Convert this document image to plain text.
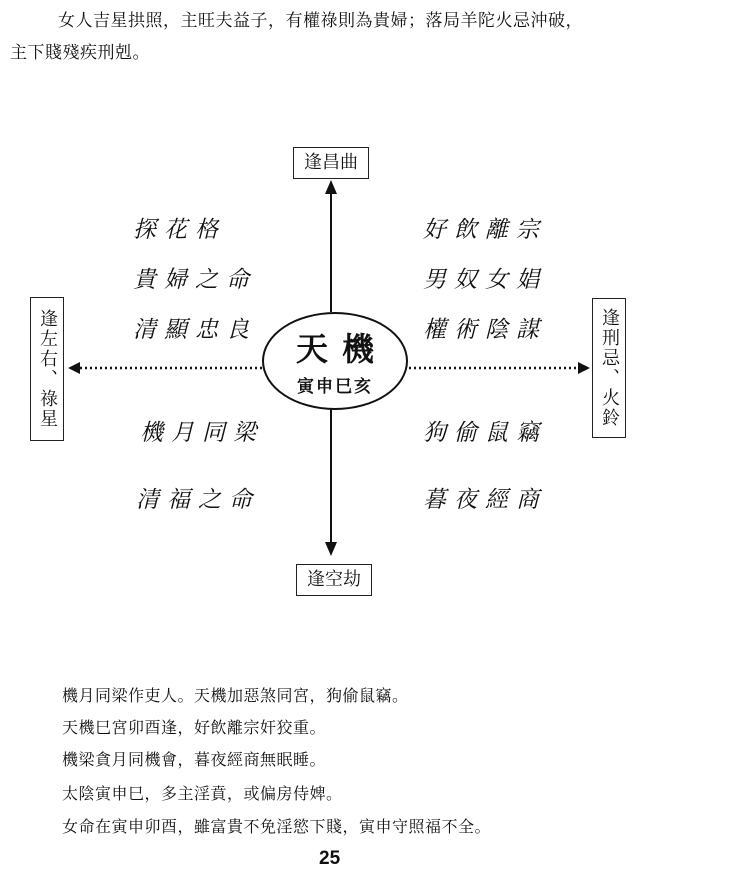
女人吉星拱照，主旺夫益子，有權祿則為貴婦；落局羊陀火忌沖破，
主下賤殘疾刑剋。
逢昌曲
逢空劫
逢左右、祿星	逢刑忌、火鈴
探花格
貴婦之命
清顯忠良
好飲離宗
男奴女娼
權術陰謀
機月同梁
清福之命
狗偷鼠竊
暮夜經商
天機
寅申巳亥
機月同梁作吏人。天機加惡煞同宮，狗偷鼠竊。
天機巳宮卯酉逢，好飲離宗奸狡重。
機梁貪月同機會，暮夜經商無眠睡。
太陰寅申巳，多主淫賁，或偏房侍婢。
女命在寅申卯酉，雖富貴不免淫慾下賤，寅申守照福不全。
25
